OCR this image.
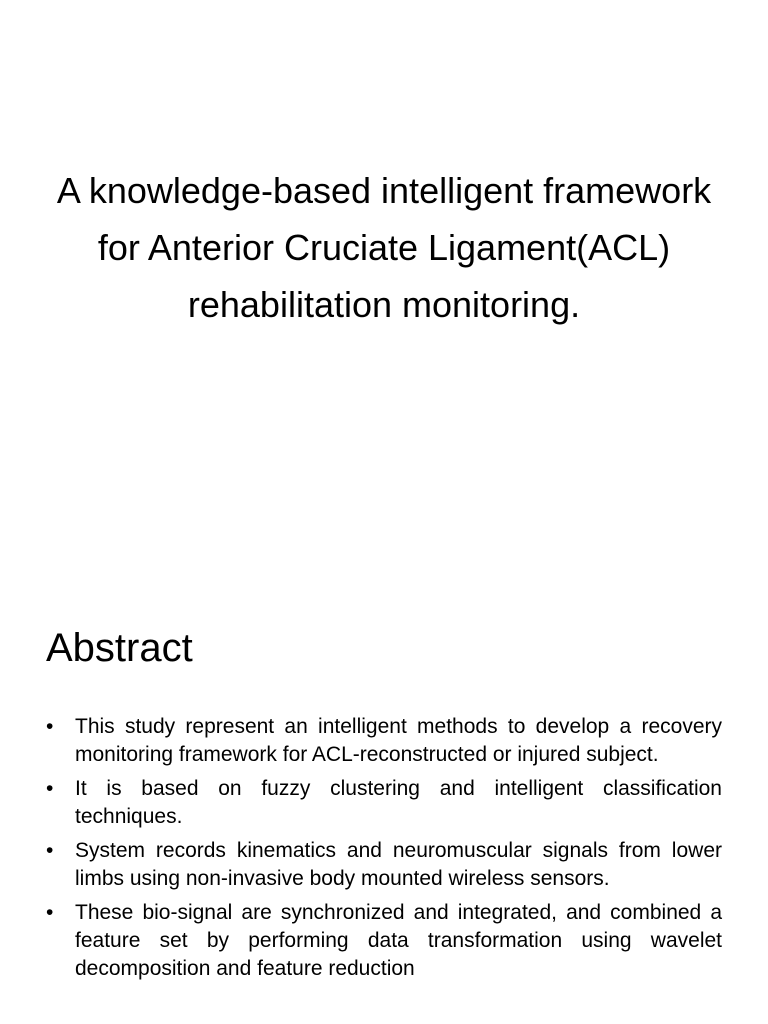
A knowledge-based intelligent framework for Anterior Cruciate Ligament(ACL) rehabilitation monitoring.
Abstract
•	This study represent an intelligent methods to develop a recovery monitoring framework for ACL-reconstructed or injured subject.
•	It is based on fuzzy clustering and intelligent classification techniques.
•	System records kinematics and neuromuscular signals from lower limbs using non-invasive body mounted wireless sensors.
•	These bio-signal are synchronized and integrated, and combined a feature set by performing data transformation using wavelet decomposition and feature reduction
